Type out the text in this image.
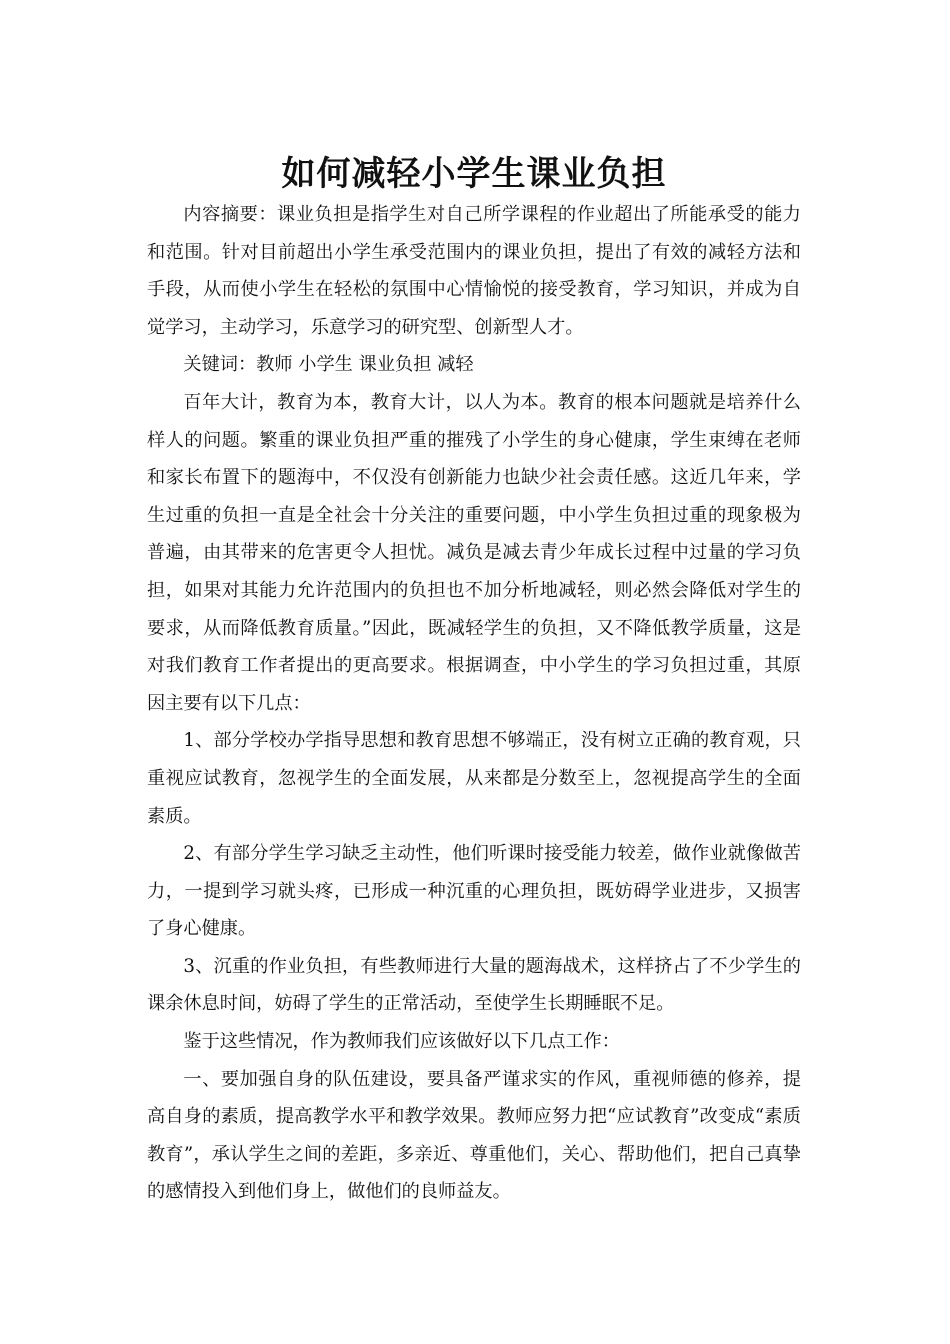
如何减轻小学生课业负担

内容摘要：课业负担是指学生对自己所学课程的作业超出了所能承受的能力和范围。针对目前超出小学生承受范围内的课业负担，提出了有效的减轻方法和手段，从而使小学生在轻松的氛围中心情愉悦的接受教育，学习知识，并成为自觉学习，主动学习，乐意学习的研究型、创新型人才。

关键词：教师 小学生 课业负担 减轻

百年大计，教育为本，教育大计，以人为本。教育的根本问题就是培养什么样人的问题。繁重的课业负担严重的摧残了小学生的身心健康，学生束缚在老师和家长布置下的题海中，不仅没有创新能力也缺少社会责任感。这近几年来，学生过重的负担一直是全社会十分关注的重要问题，中小学生负担过重的现象极为普遍，由其带来的危害更令人担忧。减负是减去青少年成长过程中过量的学习负担，如果对其能力允许范围内的负担也不加分析地减轻，则必然会降低对学生的要求，从而降低教育质量。”因此，既减轻学生的负担，又不降低教学质量，这是对我们教育工作者提出的更高要求。根据调查，中小学生的学习负担过重，其原因主要有以下几点：

1、部分学校办学指导思想和教育思想不够端正，没有树立正确的教育观，只重视应试教育，忽视学生的全面发展，从来都是分数至上，忽视提高学生的全面素质。

2、有部分学生学习缺乏主动性，他们听课时接受能力较差，做作业就像做苦力，一提到学习就头疼，已形成一种沉重的心理负担，既妨碍学业进步，又损害了身心健康。

3、沉重的作业负担，有些教师进行大量的题海战术，这样挤占了不少学生的课余休息时间，妨碍了学生的正常活动，至使学生长期睡眠不足。

鉴于这些情况，作为教师我们应该做好以下几点工作：

一、要加强自身的队伍建设，要具备严谨求实的作风，重视师德的修养，提高自身的素质，提高教学水平和教学效果。教师应努力把“应试教育”改变成“素质教育”，承认学生之间的差距，多亲近、尊重他们，关心、帮助他们，把自己真挚的感情投入到他们身上，做他们的良师益友。
